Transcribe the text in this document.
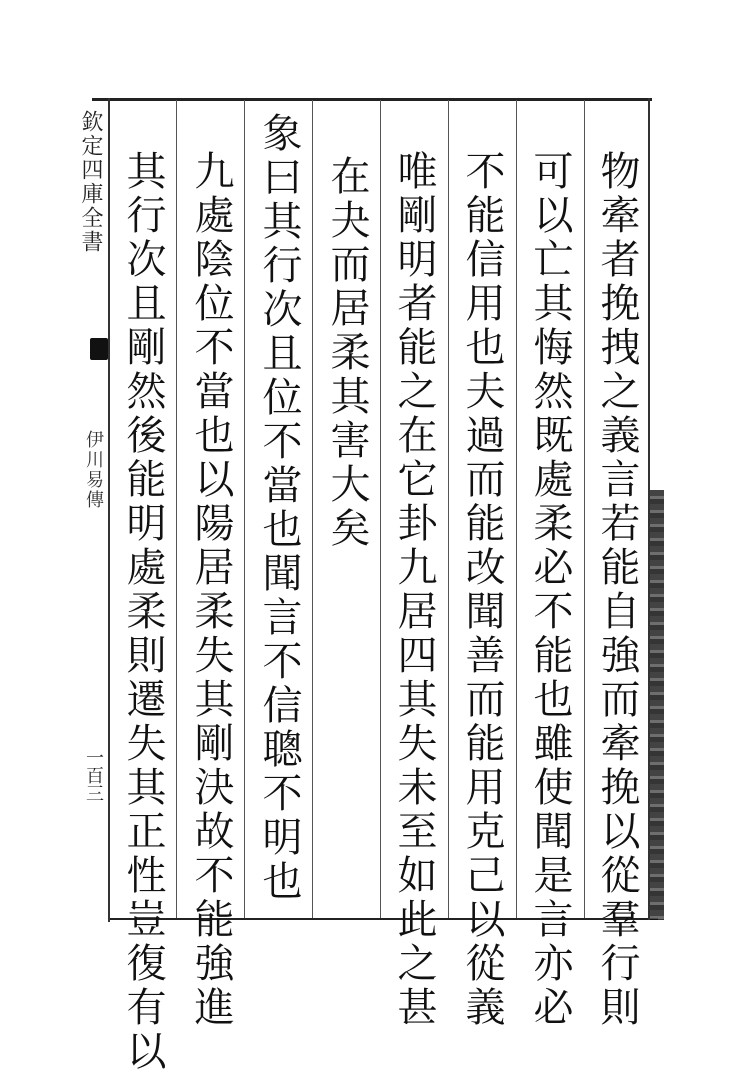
欽定四庫全書
伊川易傳
一百三	物牽者挽拽之義言若能自強而牽挽以從羣行則
可以亡其悔然既處柔必不能也雖使聞是言亦必
不能信用也夫過而能改聞善而能用克己以從義
唯剛明者能之在它卦九居四其失未至如此之甚
在夬而居柔其害大矣
象曰其行次且位不當也聞言不信聰不明也
九處陰位不當也以陽居柔失其剛決故不能強進
其行次且剛然後能明處柔則遷失其正性豈復有以
